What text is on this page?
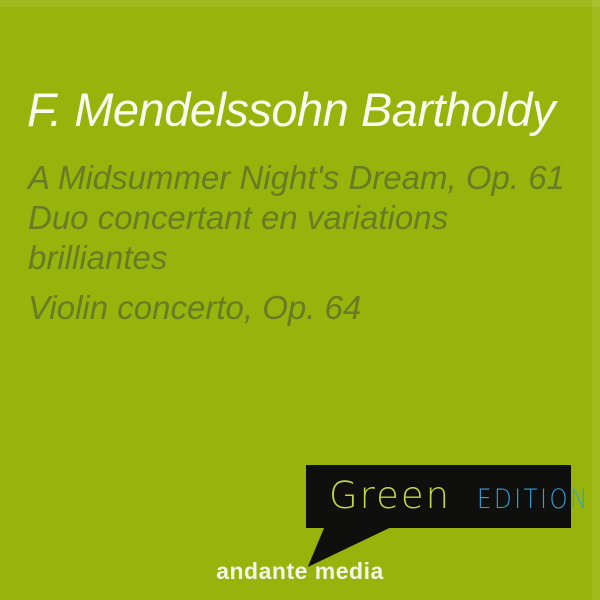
F. Mendelssohn Bartholdy
A Midsummer Night's Dream, Op. 61
Duo concertant en variations
brilliantes
Violin concerto, Op. 64
Green EDITION
andante media
